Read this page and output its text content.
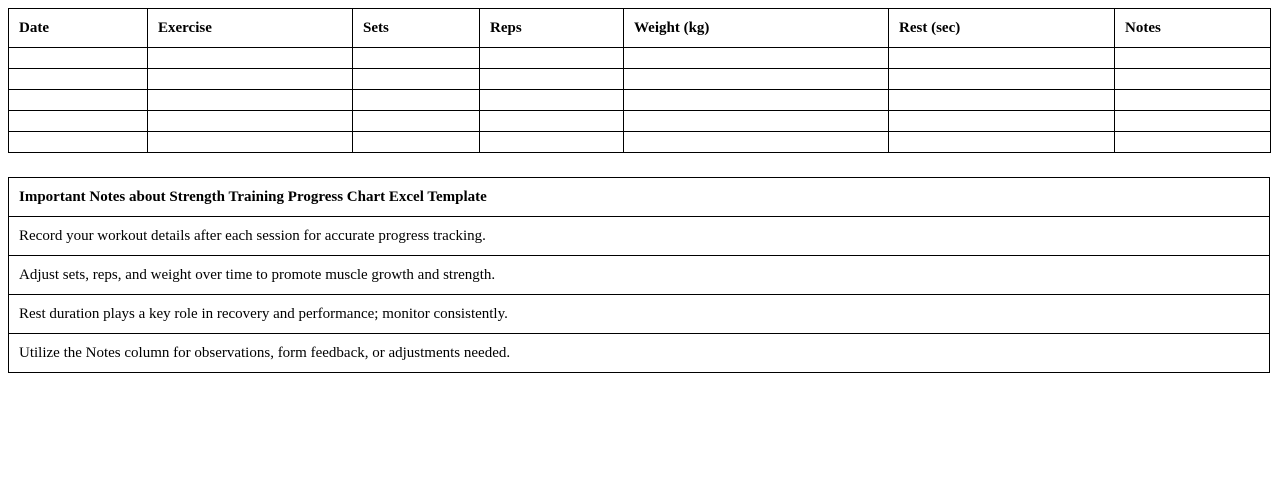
Date	Exercise	Sets	Reps	Weight (kg)	Rest (sec)	Notes

Important Notes about Strength Training Progress Chart Excel Template
Record your workout details after each session for accurate progress tracking.
Adjust sets, reps, and weight over time to promote muscle growth and strength.
Rest duration plays a key role in recovery and performance; monitor consistently.
Utilize the Notes column for observations, form feedback, or adjustments needed.
